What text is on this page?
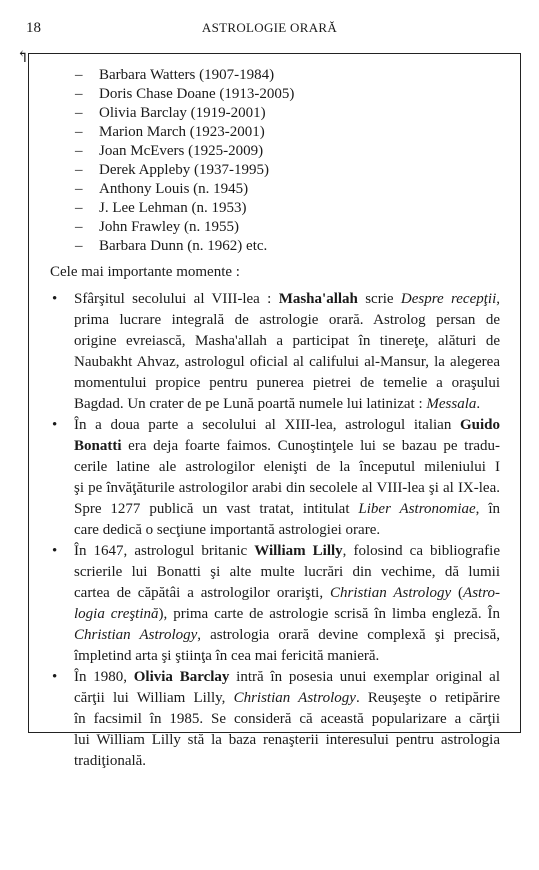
18	ASTROLOGIE ORARĂ
↰
– Barbara Watters (1907-1984)
– Doris Chase Doane (1913-2005)
– Olivia Barclay (1919-2001)
– Marion March (1923-2001)
– Joan McEvers (1925-2009)
– Derek Appleby (1937-1995)
– Anthony Louis (n. 1945)
– J. Lee Lehman (n. 1953)
– John Frawley (n. 1955)
– Barbara Dunn (n. 1962) etc.
Cele mai importante momente :
• Sfârşitul secolului al VIII-lea : Masha'allah scrie Despre recepţii,
prima lucrare integrală de astrologie orară. Astrolog persan de
origine evreiască, Masha'allah a participat în tinereţe, alături de
Naubakht Ahvaz, astrologul oficial al califului al-Mansur, la alegerea
momentului propice pentru punerea pietrei de temelie a oraşului
Bagdad. Un crater de pe Lună poartă numele lui latinizat : Messala.
• În a doua parte a secolului al XIII-lea, astrologul italian Guido
Bonatti era deja foarte faimos. Cunoştinţele lui se bazau pe tradu-
cerile latine ale astrologilor elenişti de la începutul mileniului I
şi pe învăţăturile astrologilor arabi din secolele al VIII-lea şi al IX-lea.
Spre 1277 publică un vast tratat, intitulat Liber Astronomiae, în
care dedică o secţiune importantă astrologiei orare.
• În 1647, astrologul britanic William Lilly, folosind ca bibliografie
scrierile lui Bonatti şi alte multe lucrări din vechime, dă lumii
cartea de căpătâi a astrologilor orarişti, Christian Astrology (Astro-
logia creştină), prima carte de astrologie scrisă în limba engleză. În
Christian Astrology, astrologia orară devine complexă şi precisă,
împletind arta şi ştiinţa în cea mai fericită manieră.
• În 1980, Olivia Barclay intră în posesia unui exemplar original al
cărţii lui William Lilly, Christian Astrology. Reuşeşte o retipărire
în facsimil în 1985. Se consideră că această popularizare a cărţii
lui William Lilly stă la baza renaşterii interesului pentru astrologia
tradiţională.
